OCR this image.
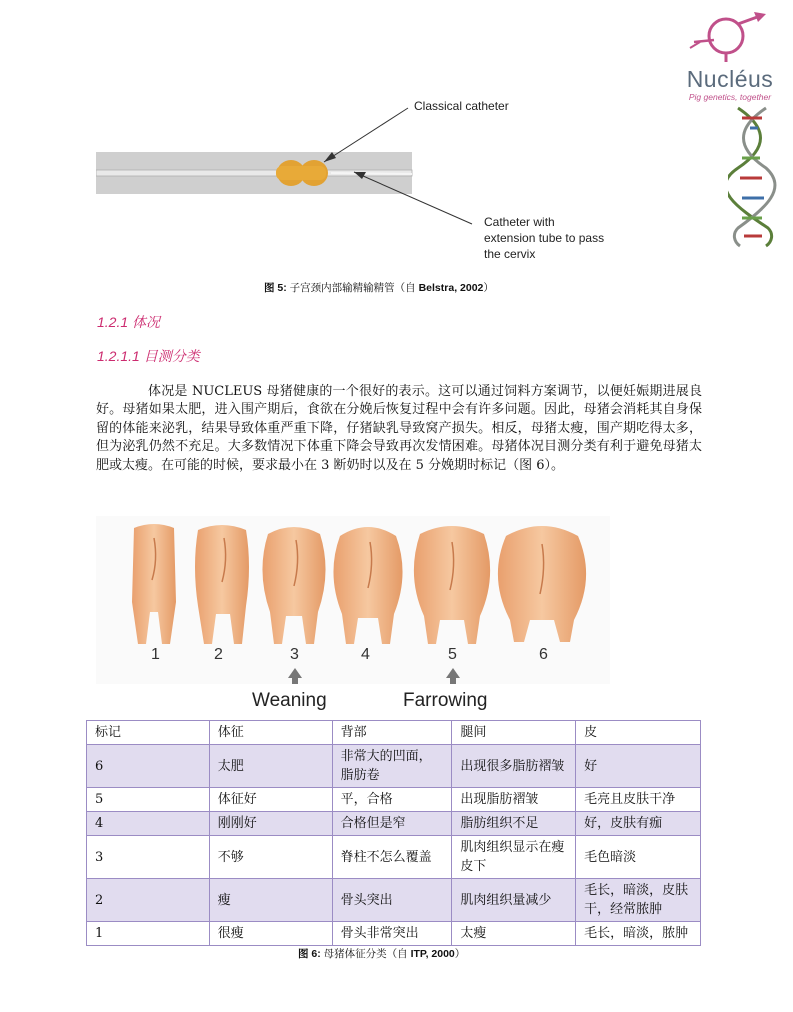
Nucléus
Pig genetics, together
Classical catheter
Catheter with
extension tube to pass
the cervix
图 5: 子宫颈内部输精输精管（自 Belstra, 2002）
1.2.1 体况
1.2.1.1 目测分类

体况是 NUCLEUS 母猪健康的一个很好的表示。这可以通过饲料方案调节，以便妊娠期进展良好。母猪如果太肥，进入围产期后，食欲在分娩后恢复过程中会有许多问题。因此，母猪会消耗其自身保留的体能来泌乳，结果导致体重严重下降，仔猪缺乳导致窝产损失。相反，母猪太瘦，围产期吃得太多，但为泌乳仍然不充足。大多数情况下体重下降会导致再次发情困难。母猪体况目测分类有利于避免母猪太肥或太瘦。在可能的时候，要求最小在 3 断奶时以及在 5 分娩期时标记（图 6）。

1	2	3	4	5	6
Weaning	Farrowing
标记	体征	背部	腿间	皮
6	太肥	非常大的凹面，脂肪卷	出现很多脂肪褶皱	好
5	体征好	平，合格	出现脂肪褶皱	毛亮且皮肤干净
4	刚刚好	合格但是窄	脂肪组织不足	好，皮肤有痂
3	不够	脊柱不怎么覆盖	肌肉组织显示在瘦皮下	毛色暗淡
2	瘦	骨头突出	肌肉组织量减少	毛长，暗淡，皮肤干，经常脓肿
1	很瘦	骨头非常突出	太瘦	毛长，暗淡，脓肿
图 6: 母猪体征分类（自 ITP, 2000）
